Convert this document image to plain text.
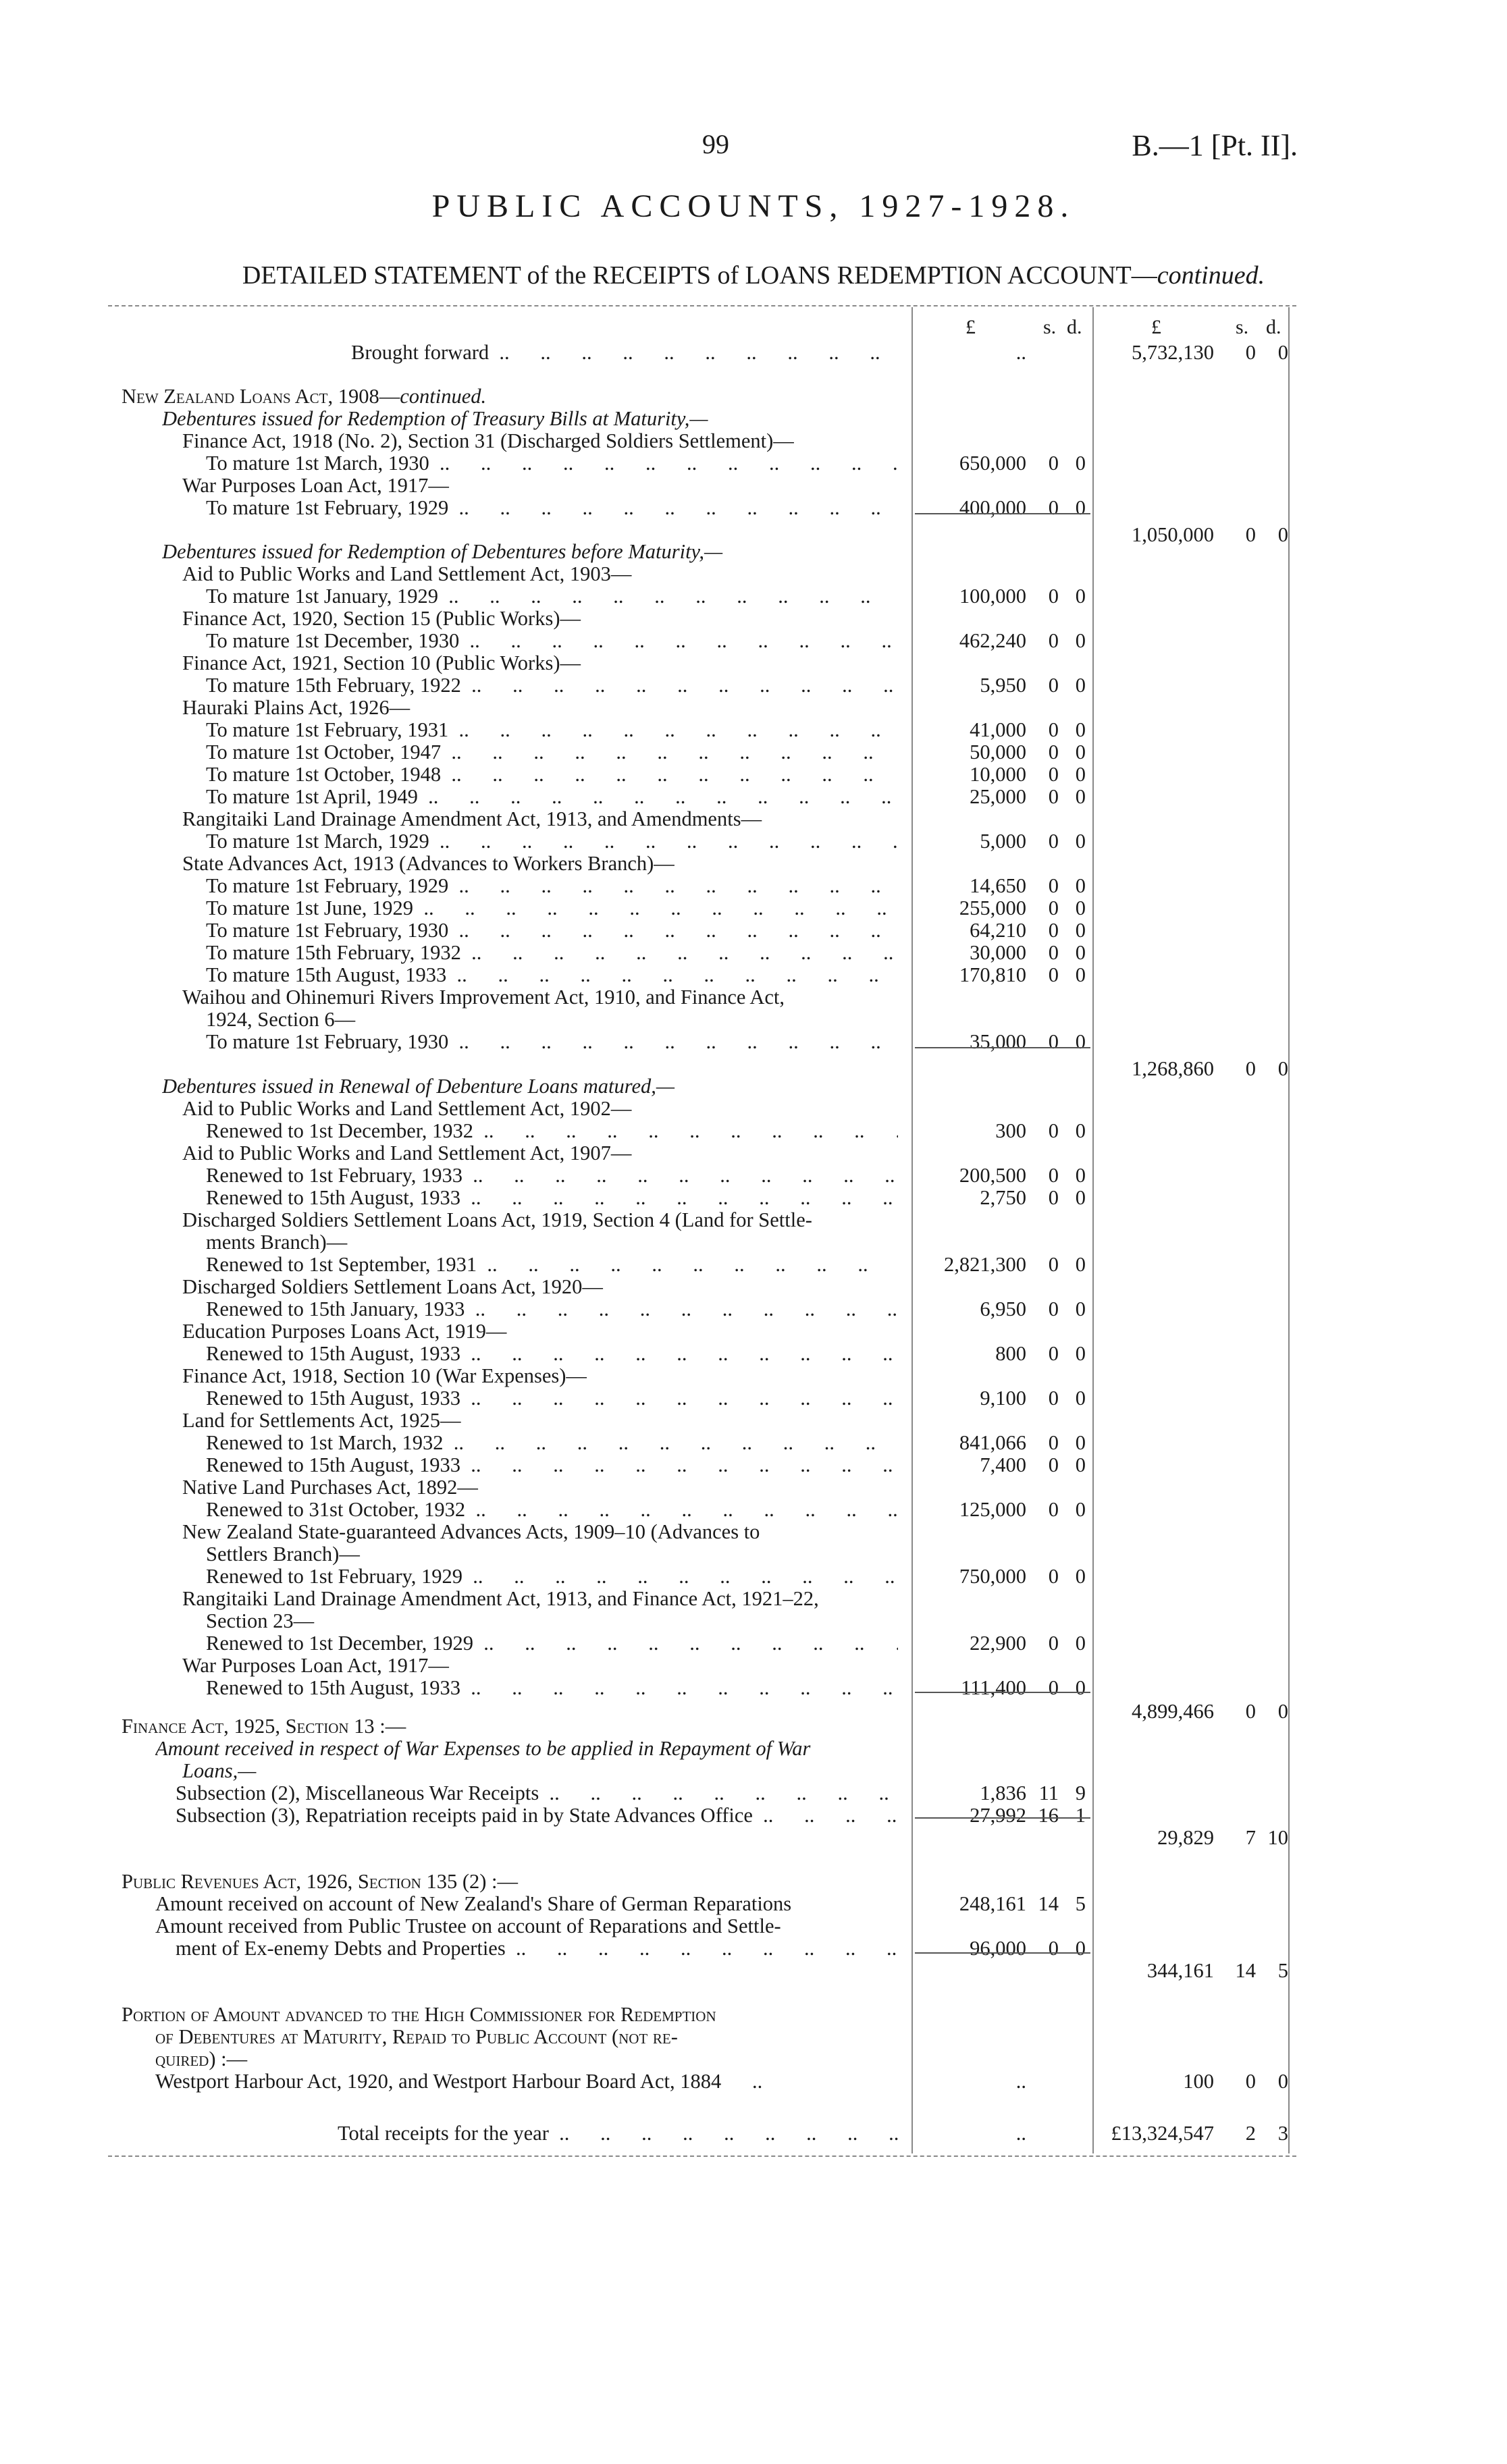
99	B.—1 [Pt. II].
PUBLIC ACCOUNTS, 1927-1928.
DETAILED STATEMENT of the RECEIPTS of LOANS REDEMPTION ACCOUNT—continued.
£	s. d.	£	s. d.
Brought forward ..	..	5,732,130	0	0
New Zealand Loans Act, 1908—continued.
Debentures issued for Redemption of Treasury Bills at Maturity,—
Finance Act, 1918 (No. 2), Section 31 (Discharged Soldiers Settlement)—
To mature 1st March, 1930 ..	650,000	0 0
War Purposes Loan Act, 1917—
To mature 1st February, 1929 ..	400,000	0 0
1,050,000	0	0
Debentures issued for Redemption of Debentures before Maturity,—
Aid to Public Works and Land Settlement Act, 1903—
To mature 1st January, 1929 ..	100,000	0 0
Finance Act, 1920, Section 15 (Public Works)—
To mature 1st December, 1930 ..	462,240	0 0
Finance Act, 1921, Section 10 (Public Works)—
To mature 15th February, 1922 ..	5,950	0 0
Hauraki Plains Act, 1926—
To mature 1st February, 1931 ..	41,000	0 0
To mature 1st October, 1947 ..	50,000	0 0
To mature 1st October, 1948 ..	10,000	0 0
To mature 1st April, 1949 ..	25,000	0 0
Rangitaiki Land Drainage Amendment Act, 1913, and Amendments—
To mature 1st March, 1929 ..	5,000	0 0
State Advances Act, 1913 (Advances to Workers Branch)—
To mature 1st February, 1929 ..	14,650	0 0
To mature 1st June, 1929 ..	255,000	0 0
To mature 1st February, 1930 ..	64,210	0 0
To mature 15th February, 1932 ..	30,000	0 0
To mature 15th August, 1933 ..	170,810	0 0
Waihou and Ohinemuri Rivers Improvement Act, 1910, and Finance Act,
1924, Section 6—
To mature 1st February, 1930 ..	35,000	0 0
1,268,860	0	0
Debentures issued in Renewal of Debenture Loans matured,—
Aid to Public Works and Land Settlement Act, 1902—
Renewed to 1st December, 1932 ..	300	0 0
Aid to Public Works and Land Settlement Act, 1907—
Renewed to 1st February, 1933 ..	200,500	0 0
Renewed to 15th August, 1933 ..	2,750	0 0
Discharged Soldiers Settlement Loans Act, 1919, Section 4 (Land for Settle-
ments Branch)—
Renewed to 1st September, 1931 ..	2,821,300	0 0
Discharged Soldiers Settlement Loans Act, 1920—
Renewed to 15th January, 1933 ..	6,950	0 0
Education Purposes Loans Act, 1919—
Renewed to 15th August, 1933 ..	800	0 0
Finance Act, 1918, Section 10 (War Expenses)—
Renewed to 15th August, 1933 ..	9,100	0 0
Land for Settlements Act, 1925—
Renewed to 1st March, 1932 ..	841,066	0 0
Renewed to 15th August, 1933 ..	7,400	0 0
Native Land Purchases Act, 1892—
Renewed to 31st October, 1932 ..	125,000	0 0
New Zealand State-guaranteed Advances Acts, 1909–10 (Advances to
Settlers Branch)—
Renewed to 1st February, 1929 ..	750,000	0 0
Rangitaiki Land Drainage Amendment Act, 1913, and Finance Act, 1921–22,
Section 23—
Renewed to 1st December, 1929 ..	22,900	0 0
War Purposes Loan Act, 1917—
Renewed to 15th August, 1933 ..	111,400	0 0
4,899,466	0	0
Finance Act, 1925, Section 13 :—
Amount received in respect of War Expenses to be applied in Repayment of War
Loans,—
Subsection (2), Miscellaneous War Receipts ..	1,836 11 9
Subsection (3), Repatriation receipts paid in by State Advances Office ..	27,992 16 1
29,829	7 10
Public Revenues Act, 1926, Section 135 (2) :—
Amount received on account of New Zealand's Share of German Reparations	248,161 14 5
Amount received from Public Trustee on account of Reparations and Settle-
ment of Ex-enemy Debts and Properties ..	96,000	0 0
344,161	14	5
Portion of Amount advanced to the High Commissioner for Redemption
of Debentures at Maturity, Repaid to Public Account (not re-
quired) :—
Westport Harbour Act, 1920, and Westport Harbour Board Act, 1884      ..	..	100	0	0
Total receipts for the year ..	..	£13,324,547	2	3
